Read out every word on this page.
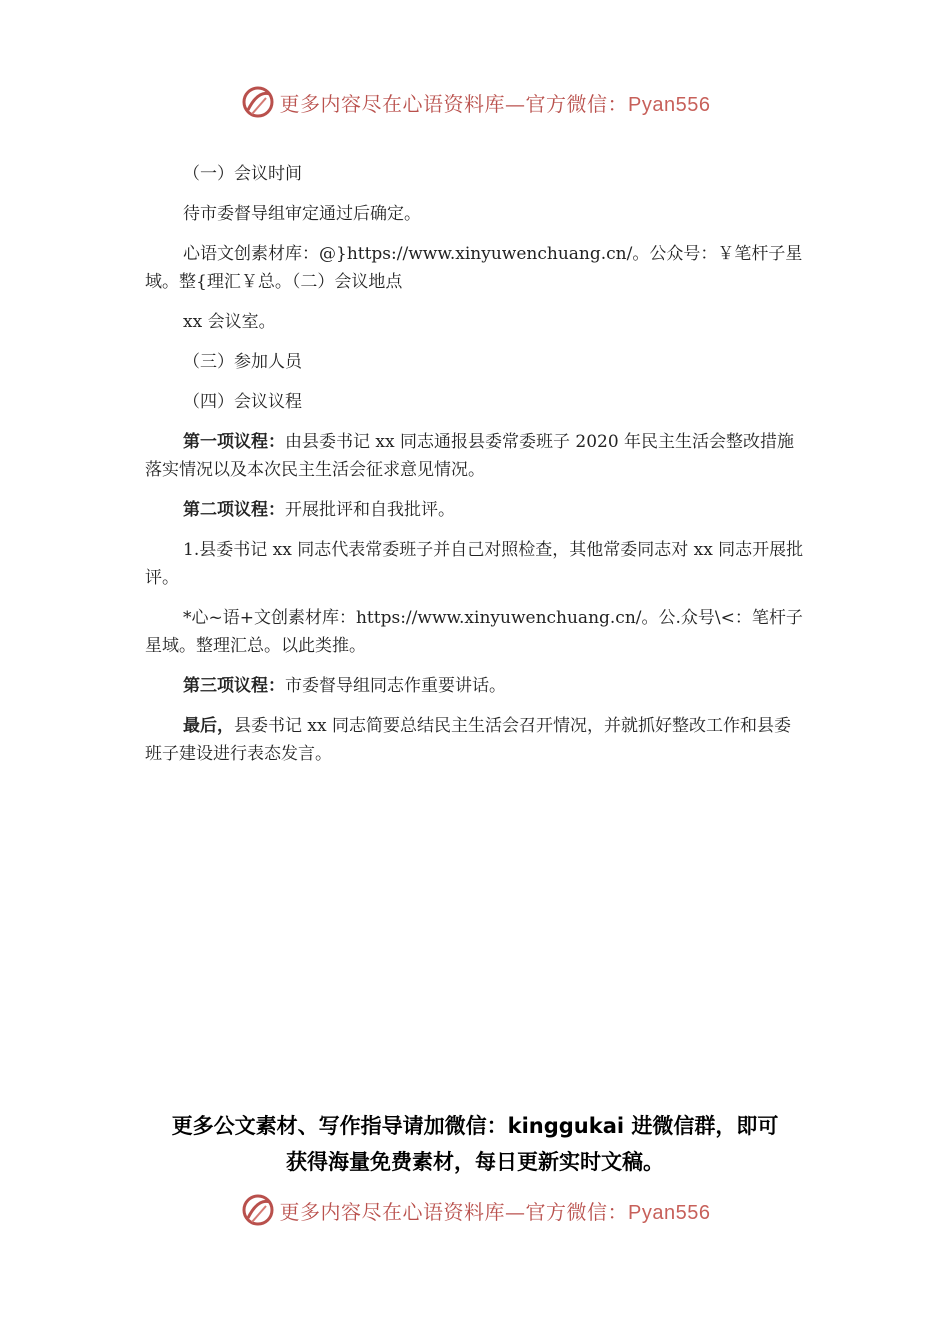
更多内容尽在心语资料库—官方微信：Pyan556

（一）会议时间

待市委督导组审定通过后确定。

心语文创素材库：@}https://www.xinyuwenchuang.cn/。公众号：￥笔杆子星域。整{理汇￥总。（二）会议地点

xx 会议室。

（三）参加人员

（四）会议议程

第一项议程：由县委书记 xx 同志通报县委常委班子 2020 年民主生活会整改措施落实情况以及本次民主生活会征求意见情况。

第二项议程：开展批评和自我批评。

1.县委书记 xx 同志代表常委班子并自己对照检查，其他常委同志对 xx 同志开展批评。

*心~语+文创素材库：https://www.xinyuwenchuang.cn/。公.众号\<：笔杆子星域。整理汇总。以此类推。

第三项议程：市委督导组同志作重要讲话。

最后，县委书记 xx 同志简要总结民主生活会召开情况，并就抓好整改工作和县委班子建设进行表态发言。

更多公文素材、写作指导请加微信：kinggukai 进微信群，即可
获得海量免费素材，每日更新实时文稿。
更多内容尽在心语资料库—官方微信：Pyan556
